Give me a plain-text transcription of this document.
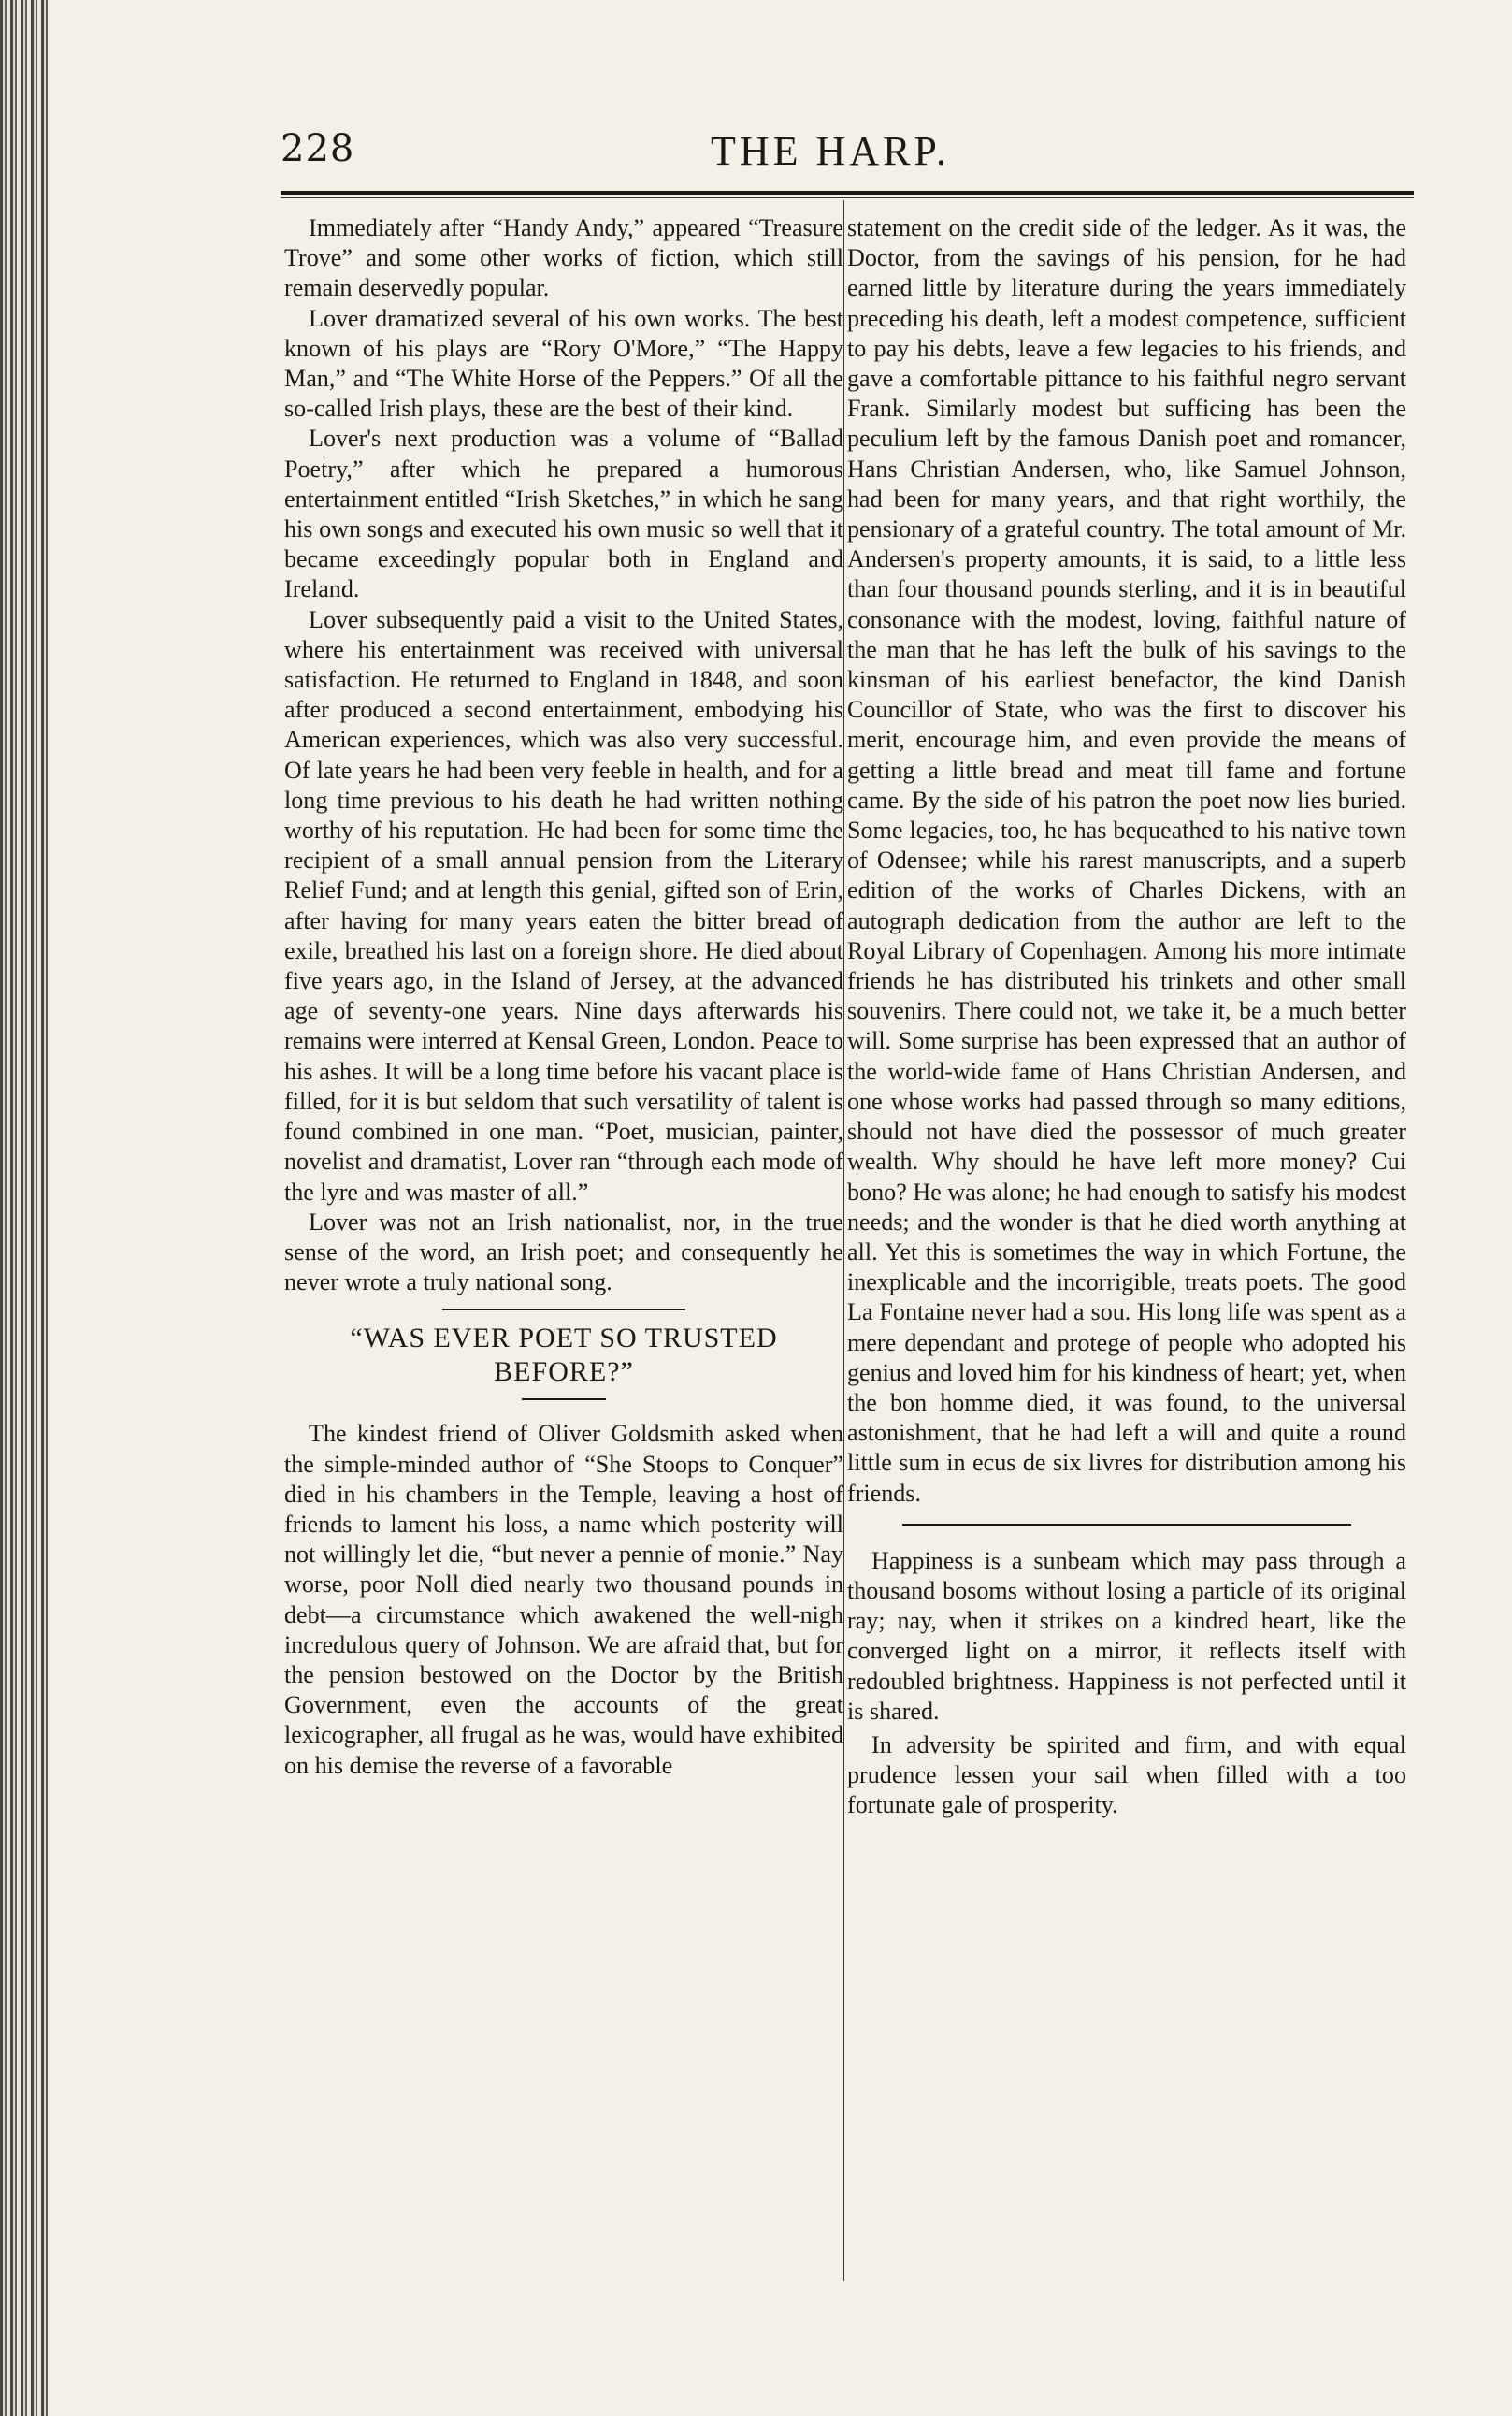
228	THE HARP.

Immediately after “Handy Andy,” appeared “Treasure Trove” and some other works of fiction, which still remain deservedly popular.

Lover dramatized several of his own works. The best known of his plays are “Rory O'More,” “The Happy Man,” and “The White Horse of the Peppers.” Of all the so-called Irish plays, these are the best of their kind.

Lover's next production was a volume of “Ballad Poetry,” after which he prepared a humorous entertainment entitled “Irish Sketches,” in which he sang his own songs and executed his own music so well that it became exceedingly popular both in England and Ireland.

Lover subsequently paid a visit to the United States, where his entertainment was received with universal satisfaction. He returned to England in 1848, and soon after produced a second entertainment, embodying his American experiences, which was also very successful. Of late years he had been very feeble in health, and for a long time previous to his death he had written nothing worthy of his reputation. He had been for some time the recipient of a small annual pension from the Literary Relief Fund; and at length this genial, gifted son of Erin, after having for many years eaten the bitter bread of exile, breathed his last on a foreign shore. He died about five years ago, in the Island of Jersey, at the advanced age of seventy-one years. Nine days afterwards his remains were interred at Kensal Green, London. Peace to his ashes. It will be a long time before his vacant place is filled, for it is but seldom that such versatility of talent is found combined in one man. “Poet, musician, painter, novelist and dramatist, Lover ran “through each mode of the lyre and was master of all.”

Lover was not an Irish nationalist, nor, in the true sense of the word, an Irish poet; and consequently he never wrote a truly national song.

“WAS EVER POET SO TRUSTED BEFORE?”

The kindest friend of Oliver Goldsmith asked when the simple-minded author of “She Stoops to Conquer” died in his chambers in the Temple, leaving a host of friends to lament his loss, a name which posterity will not willingly let die, “but never a pennie of monie.” Nay worse, poor Noll died nearly two thousand pounds in debt—a circumstance which awakened the well-nigh incredulous query of Johnson. We are afraid that, but for the pension bestowed on the Doctor by the British Government, even the accounts of the great lexicographer, all frugal as he was, would have exhibited on his demise the reverse of a favorable

statement on the credit side of the ledger. As it was, the Doctor, from the savings of his pension, for he had earned little by literature during the years immediately preceding his death, left a modest competence, sufficient to pay his debts, leave a few legacies to his friends, and gave a comfortable pittance to his faithful negro servant Frank. Similarly modest but sufficing has been the peculium left by the famous Danish poet and romancer, Hans Christian Andersen, who, like Samuel Johnson, had been for many years, and that right worthily, the pensionary of a grateful country. The total amount of Mr. Andersen's property amounts, it is said, to a little less than four thousand pounds sterling, and it is in beautiful consonance with the modest, loving, faithful nature of the man that he has left the bulk of his savings to the kinsman of his earliest benefactor, the kind Danish Councillor of State, who was the first to discover his merit, encourage him, and even provide the means of getting a little bread and meat till fame and fortune came. By the side of his patron the poet now lies buried. Some legacies, too, he has bequeathed to his native town of Odensee; while his rarest manuscripts, and a superb edition of the works of Charles Dickens, with an autograph dedication from the author are left to the Royal Library of Copenhagen. Among his more intimate friends he has distributed his trinkets and other small souvenirs. There could not, we take it, be a much better will. Some surprise has been expressed that an author of the world-wide fame of Hans Christian Andersen, and one whose works had passed through so many editions, should not have died the possessor of much greater wealth. Why should he have left more money? Cui bono? He was alone; he had enough to satisfy his modest needs; and the wonder is that he died worth anything at all. Yet this is sometimes the way in which Fortune, the inexplicable and the incorrigible, treats poets. The good La Fontaine never had a sou. His long life was spent as a mere dependant and protege of people who adopted his genius and loved him for his kindness of heart; yet, when the bon homme died, it was found, to the universal astonishment, that he had left a will and quite a round little sum in ecus de six livres for distribution among his friends.

Happiness is a sunbeam which may pass through a thousand bosoms without losing a particle of its original ray; nay, when it strikes on a kindred heart, like the converged light on a mirror, it reflects itself with redoubled brightness. Happiness is not perfected until it is shared.

In adversity be spirited and firm, and with equal prudence lessen your sail when filled with a too fortunate gale of prosperity.
